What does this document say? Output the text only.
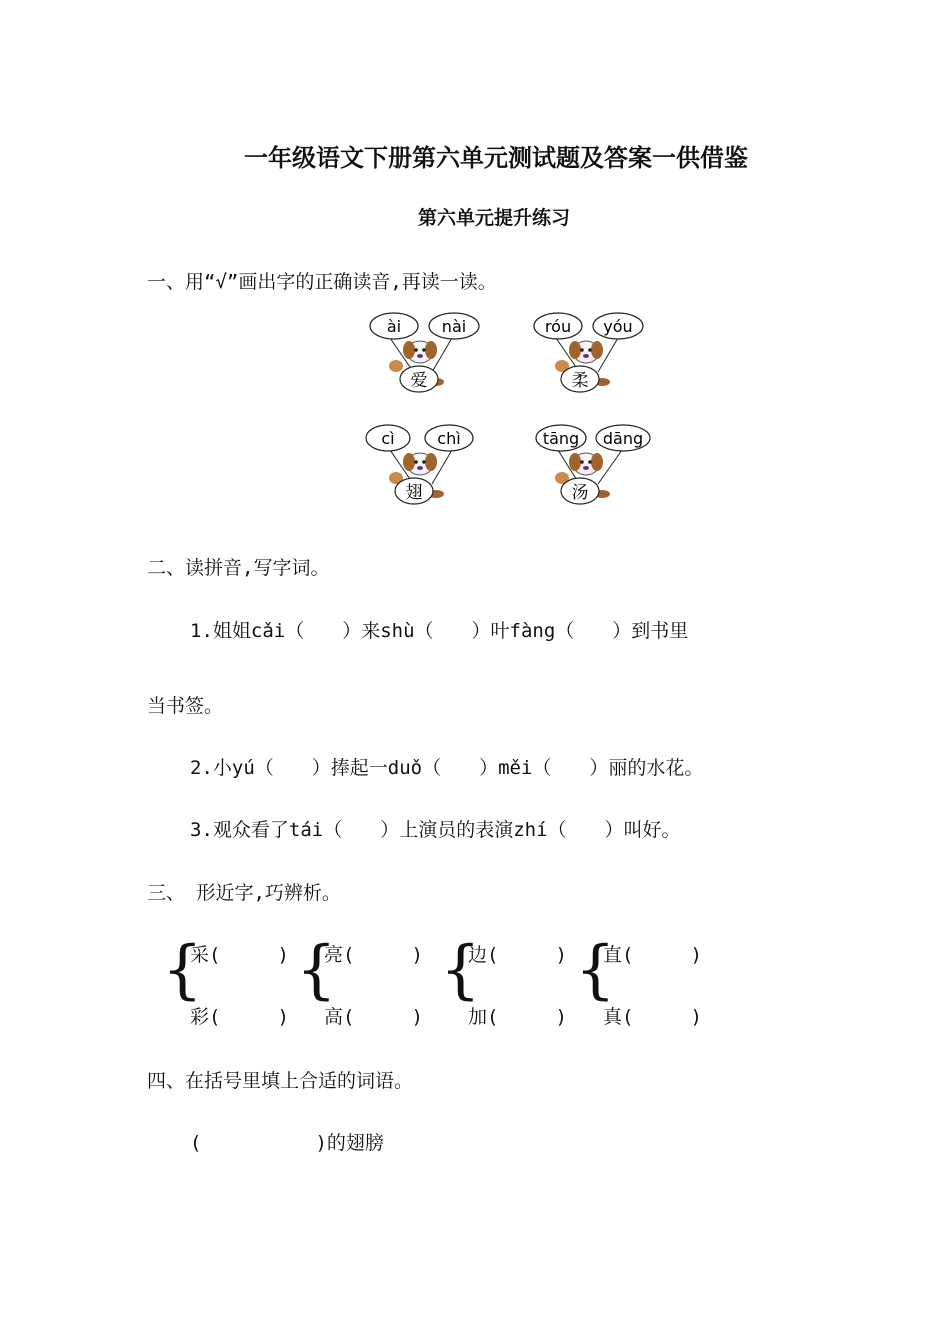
一年级语文下册第六单元测试题及答案一供借鉴
第六单元提升练习
一、用“√”画出字的正确读音,再读一读。
ài	nài
爱
róu yóu
柔
cì	chì
翅
tāng dāng
汤
二、读拼音,写字词。
1.姐姐cǎi（　　）来shù（　　）叶fàng（　　）到书里
当书签。
2.小yú（　　）捧起一duǒ（　　）měi（　　）丽的水花。
3.观众看了tái（　　）上演员的表演zhí（　　）叫好。
三、 形近字,巧辨析。
{
采(　　　)
彩(　　　)
{
亮(　　　)
高(　　　)
{
边(　　　)
加(　　　)
{
直(　　　)
真(　　　)
四、在括号里填上合适的词语。
(　　　　　　)的翅膀
